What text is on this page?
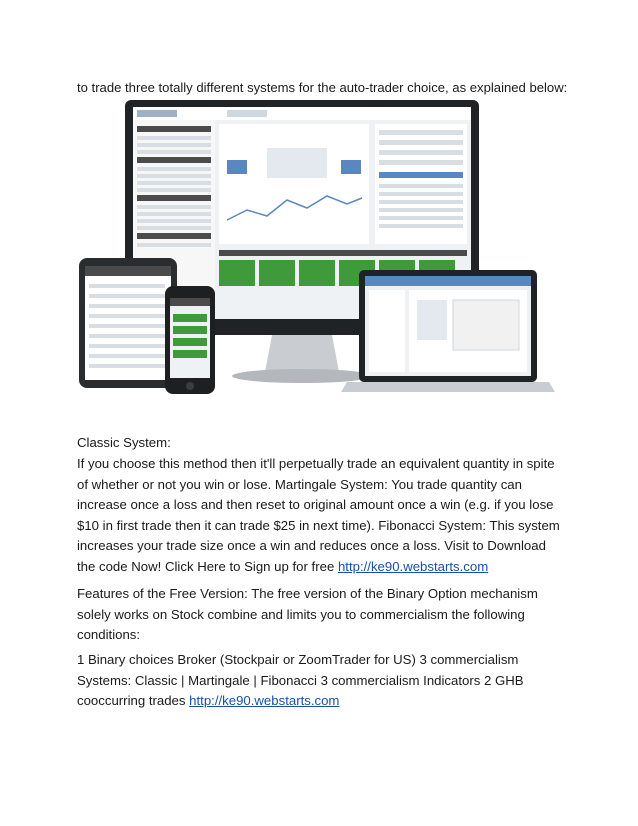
to trade three totally different systems for the auto-trader choice, as explained below:

Classic System:

If you choose this method then it'll perpetually trade an equivalent quantity in spite of whether or not you win or lose. Martingale System: You trade quantity can increase once a loss and then reset to original amount once a win (e.g. if you lose $10 in first trade then it can trade $25 in next time). Fibonacci System: This system increases your trade size once a win and reduces once a loss. Visit to Download the code Now! Click Here to Sign up for free http://ke90.webstarts.com

Features of the Free Version: The free version of the Binary Option mechanism solely works on Stock combine and limits you to commercialism the following conditions:

1 Binary choices Broker (Stockpair or ZoomTrader for US) 3 commercialism Systems: Classic | Martingale | Fibonacci 3 commercialism Indicators 2 GHB cooccurring trades http://ke90.webstarts.com
